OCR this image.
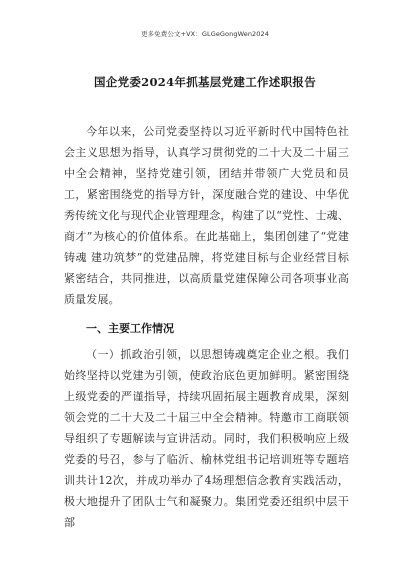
更多免费公文+VX：GLGeGongWen2024
国企党委2024年抓基层党建工作述职报告

今年以来，公司党委坚持以习近平新时代中国特色社会主义思想为指导，认真学习贯彻党的二十大及二十届三中全会精神，坚持党建引领，团结并带领广大党员和员工，紧密围绕党的指导方针，深度融合党的建设、中华优秀传统文化与现代企业管理理念，构建了以“党性、士魂、商才”为核心的价值体系。在此基础上，集团创建了“党建铸魂 建功筑梦”的党建品牌，将党建目标与企业经营目标紧密结合，共同推进，以高质量党建保障公司各项事业高质量发展。

一、主要工作情况

（一）抓政治引领，以思想铸魂奠定企业之根。我们始终坚持以党建为引领，使政治底色更加鲜明。紧密围绕上级党委的严谨指导，持续巩固拓展主题教育成果，深刻领会党的二十大及二十届三中全会精神。特邀市工商联领导组织了专题解读与宣讲活动。同时，我们积极响应上级党委的号召，参与了临沂、榆林党组书记培训班等专题培训共计12次，并成功举办了4场理想信念教育实践活动，极大地提升了团队士气和凝聚力。集团党委还组织中层干部
